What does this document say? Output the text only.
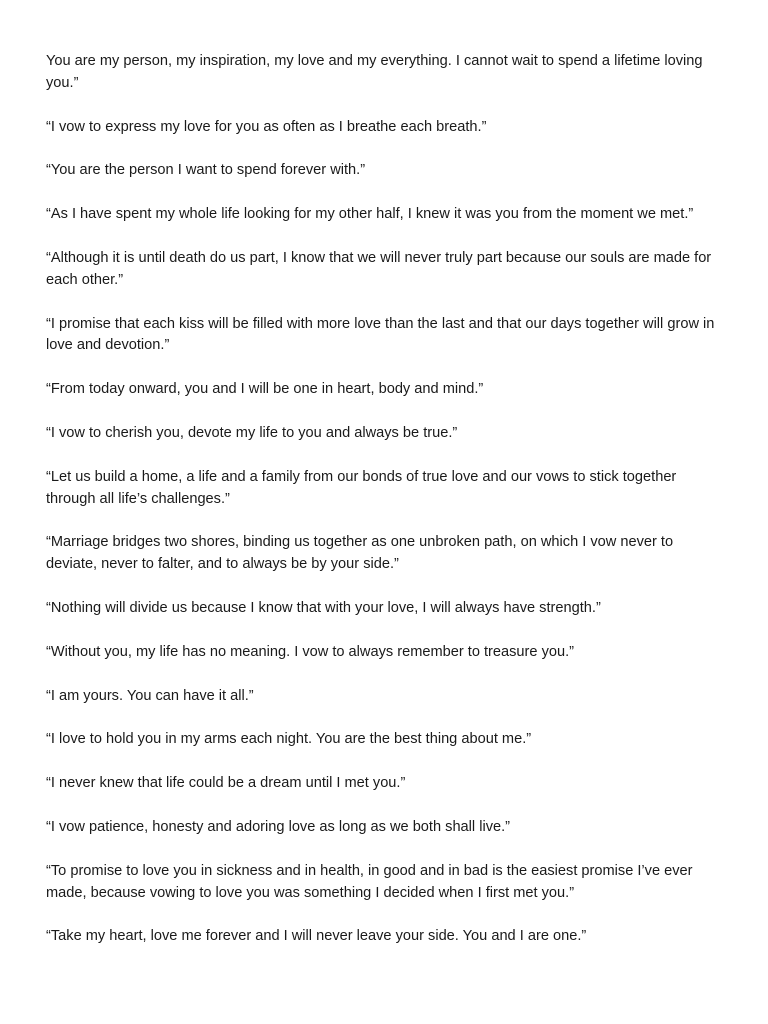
You are my person, my inspiration, my love and my everything. I cannot wait to spend a lifetime loving you.”

“I vow to express my love for you as often as I breathe each breath.”

“You are the person I want to spend forever with.”

“As I have spent my whole life looking for my other half, I knew it was you from the moment we met.”

“Although it is until death do us part, I know that we will never truly part because our souls are made for each other.”

“I promise that each kiss will be filled with more love than the last and that our days together will grow in love and devotion.”

“From today onward, you and I will be one in heart, body and mind.”

“I vow to cherish you, devote my life to you and always be true.”

“Let us build a home, a life and a family from our bonds of true love and our vows to stick together through all life’s challenges.”

“Marriage bridges two shores, binding us together as one unbroken path, on which I vow never to deviate, never to falter, and to always be by your side.”

“Nothing will divide us because I know that with your love, I will always have strength.”

“Without you, my life has no meaning. I vow to always remember to treasure you.”

“I am yours. You can have it all.”

“I love to hold you in my arms each night. You are the best thing about me.”

“I never knew that life could be a dream until I met you.”

“I vow patience, honesty and adoring love as long as we both shall live.”

“To promise to love you in sickness and in health, in good and in bad is the easiest promise I’ve ever made, because vowing to love you was something I decided when I first met you.”

“Take my heart, love me forever and I will never leave your side. You and I are one.”
